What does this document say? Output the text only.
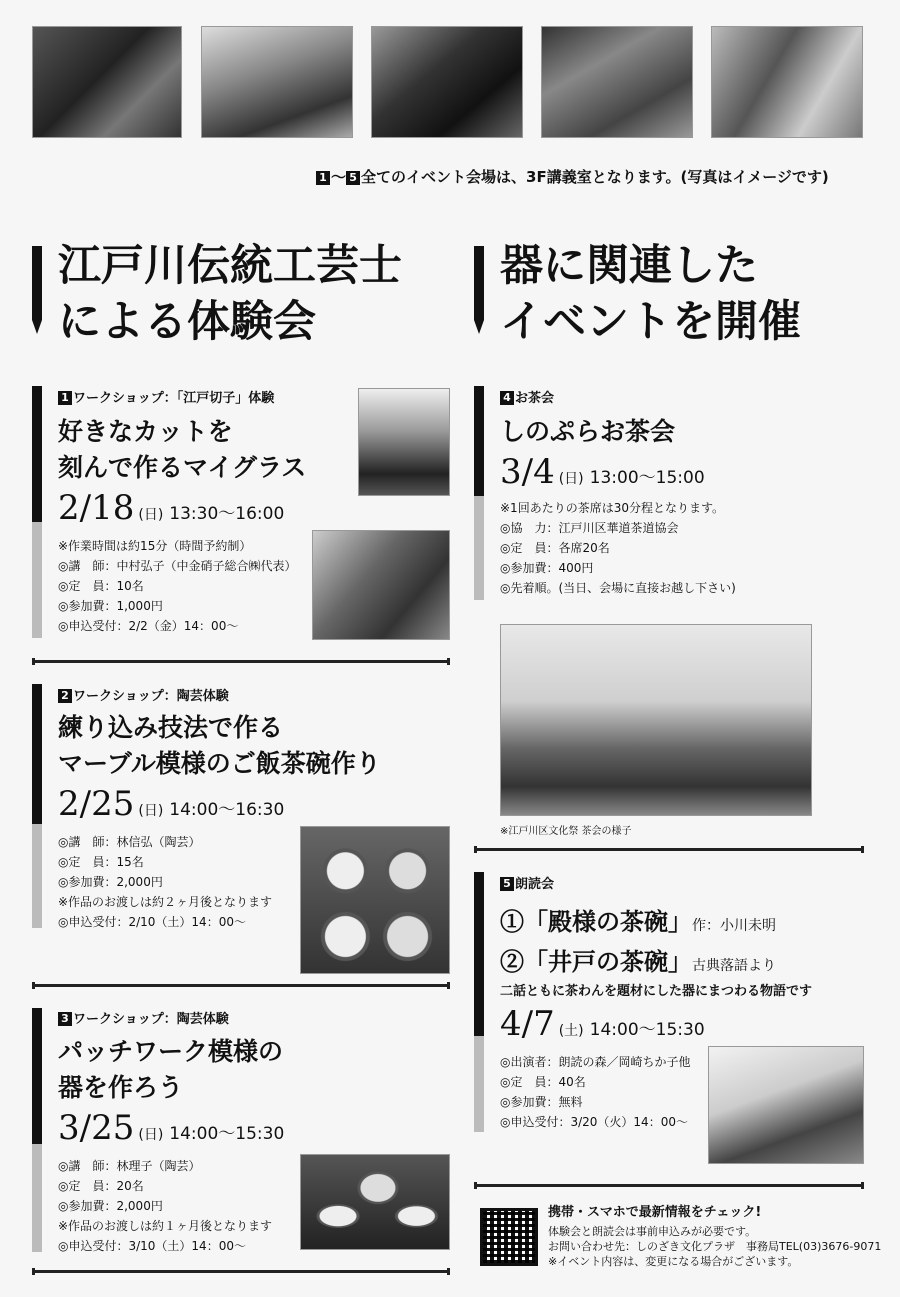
1 〜 5 全てのイベント会場は、3F講義室となります。(写真はイメージです)
江戸川伝統工芸士
による体験会
器に関連した
イベントを開催
1 ワークショップ：「江戸切子」体験
好きなカットを
刻んで作るマイグラス
2/18 (日) 13:30〜16:00
※作業時間は約15分（時間予約制）
◎講　師：中村弘子（中金硝子総合㈱代表）
◎定　員：10名
◎参加費：1,000円
◎申込受付：2/2（金）14：00〜
2 ワークショップ：陶芸体験
練り込み技法で作る
マーブル模様のご飯茶碗作り
2/25 (日) 14:00〜16:30
◎講　師：林信弘（陶芸）
◎定　員：15名
◎参加費：2,000円
※作品のお渡しは約２ヶ月後となります
◎申込受付：2/10（土）14：00〜
3 ワークショップ：陶芸体験
パッチワーク模様の
器を作ろう
3/25 (日) 14:00〜15:30
◎講　師：林理子（陶芸）
◎定　員：20名
◎参加費：2,000円
※作品のお渡しは約１ヶ月後となります
◎申込受付：3/10（土）14：00〜
4 お茶会
しのぷらお茶会
3/4 (日) 13:00〜15:00
※1回あたりの茶席は30分程となります。
◎協　力：江戸川区華道茶道協会
◎定　員：各席20名
◎参加費：400円
◎先着順。(当日、会場に直接お越し下さい)
※江戸川区文化祭 茶会の様子
5 朗読会
①「殿様の茶碗」作：小川未明
②「井戸の茶碗」古典落語より
二話ともに茶わんを題材にした器にまつわる物語です
4/7 (土) 14:00〜15:30
◎出演者：朗読の森／岡崎ちか子他
◎定　員：40名
◎参加費：無料
◎申込受付：3/20（火）14：00〜
携帯・スマホで最新情報をチェック!
体験会と朗読会は事前申込みが必要です。
お問い合わせ先：しのざき文化プラザ　事務局TEL(03)3676-9071
※イベント内容は、変更になる場合がございます。
